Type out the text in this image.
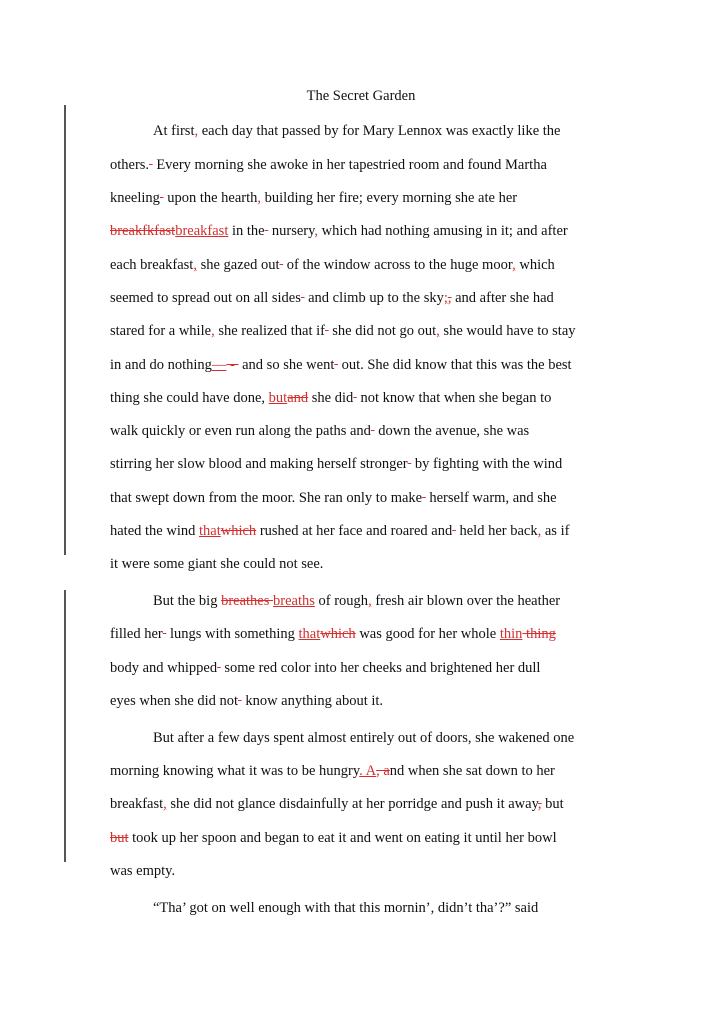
The Secret Garden
At first, each day that passed by for Mary Lennox was exactly like the
others.  Every morning she awoke in her tapestried room and found Martha
kneeling  upon the hearth, building her fire; every morning she ate her
breakfkfastbreakfast in the  nursery, which had nothing amusing in it; and after
each breakfast, she gazed out  of the window across to the huge moor, which
seemed to spread out on all sides  and climb up to the sky;, and after she had
stared for a while, she realized that if  she did not go out, she would have to stay
in and do nothing— -  and so she went  out. She did know that this was the best
thing she could have done, butand she did  not know that when she began to
walk quickly or even run along the paths and  down the avenue, she was
stirring her slow blood and making herself stronger  by fighting with the wind
that swept down from the moor. She ran only to make  herself warm, and she
hated the wind thatwhich rushed at her face and roared and  held her back, as if
it were some giant she could not see.
But the big breathes breaths of rough, fresh air blown over the heather
filled her  lungs with something thatwhich was good for her whole thin thing
body and whipped  some red color into her cheeks and brightened her dull
eyes when she did not  know anything about it.
But after a few days spent almost entirely out of doors, she wakened one
morning knowing what it was to be hungry. A, and when she sat down to her
breakfast, she did not glance disdainfully at her porridge and push it away, but
but took up her spoon and began to eat it and went on eating it until her bowl
was empty.
“Tha’ got on well enough with that this mornin’, didn’t tha’?” said
